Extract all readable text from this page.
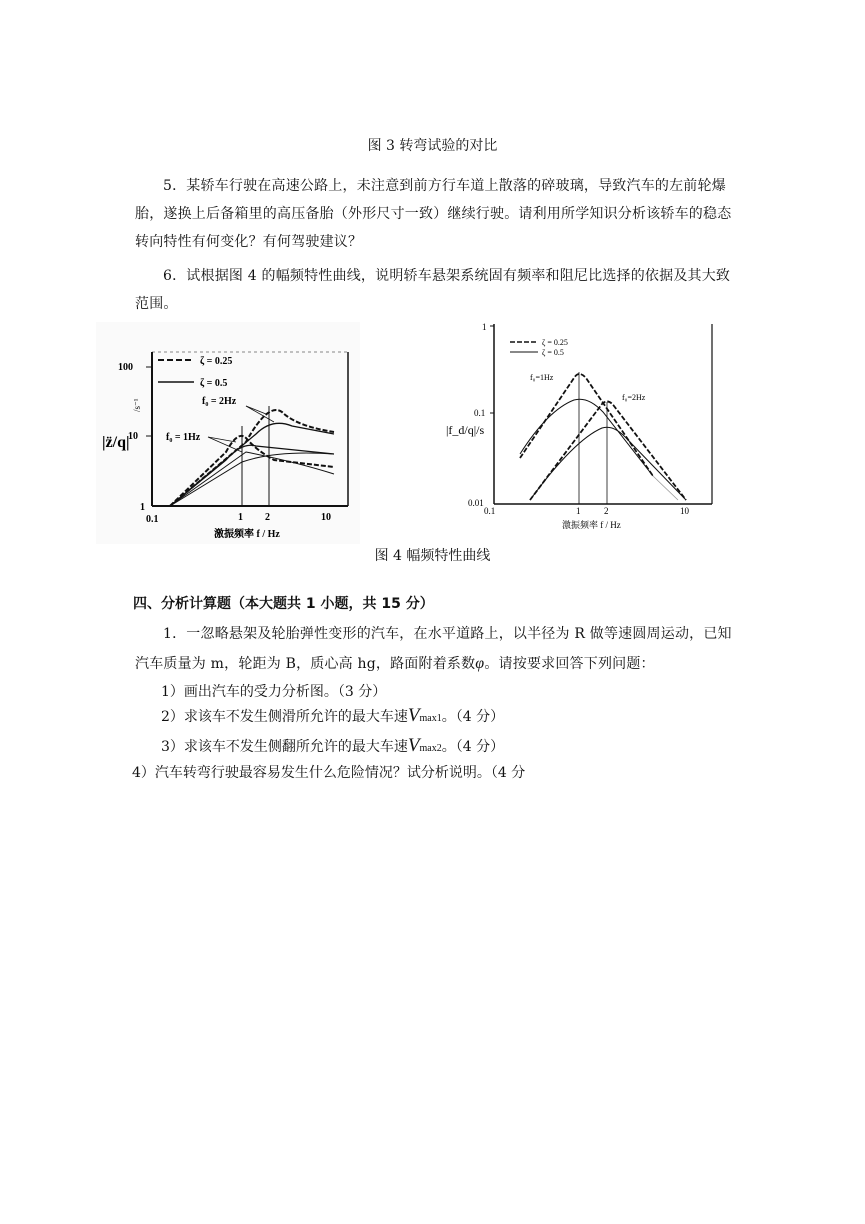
图 3 转弯试验的对比
5．某轿车行驶在高速公路上，未注意到前方行车道上散落的碎玻璃，导致汽车的左前轮爆胎，遂换上后备箱里的高压备胎（外形尺寸一致）继续行驶。请利用所学知识分析该轿车的稳态转向特性有何变化？有何驾驶建议？
6．试根据图 4 的幅频特性曲线，说明轿车悬架系统固有频率和阻尼比选择的依据及其大致范围。
100
10
1
0.1	1 2	10
激振频率 f / Hz
|z̈/q|
/s⁻¹
ζ = 0.25
ζ = 0.5
f₀ = 2Hz
f₀ = 1Hz
1
0.1
0.01
0.1	1	2	10
激振频率 f / Hz
|f_d/q|/s
ζ = 0.25
ζ = 0.5
f₀=1Hz
f₀=2Hz
图 4 幅频特性曲线
四、分析计算题（本大题共 1 小题，共 15 分）
1．一忽略悬架及轮胎弹性变形的汽车，在水平道路上，以半径为 R 做等速圆周运动，已知汽车质量为 m，轮距为 B，质心高 hg，路面附着系数φ。请按要求回答下列问题：
1）画出汽车的受力分析图。（3 分）
2）求该车不发生侧滑所允许的最大车速Vmax1。（4 分）
3）求该车不发生侧翻所允许的最大车速Vmax2。（4 分）
4）汽车转弯行驶最容易发生什么危险情况？试分析说明。（4 分
